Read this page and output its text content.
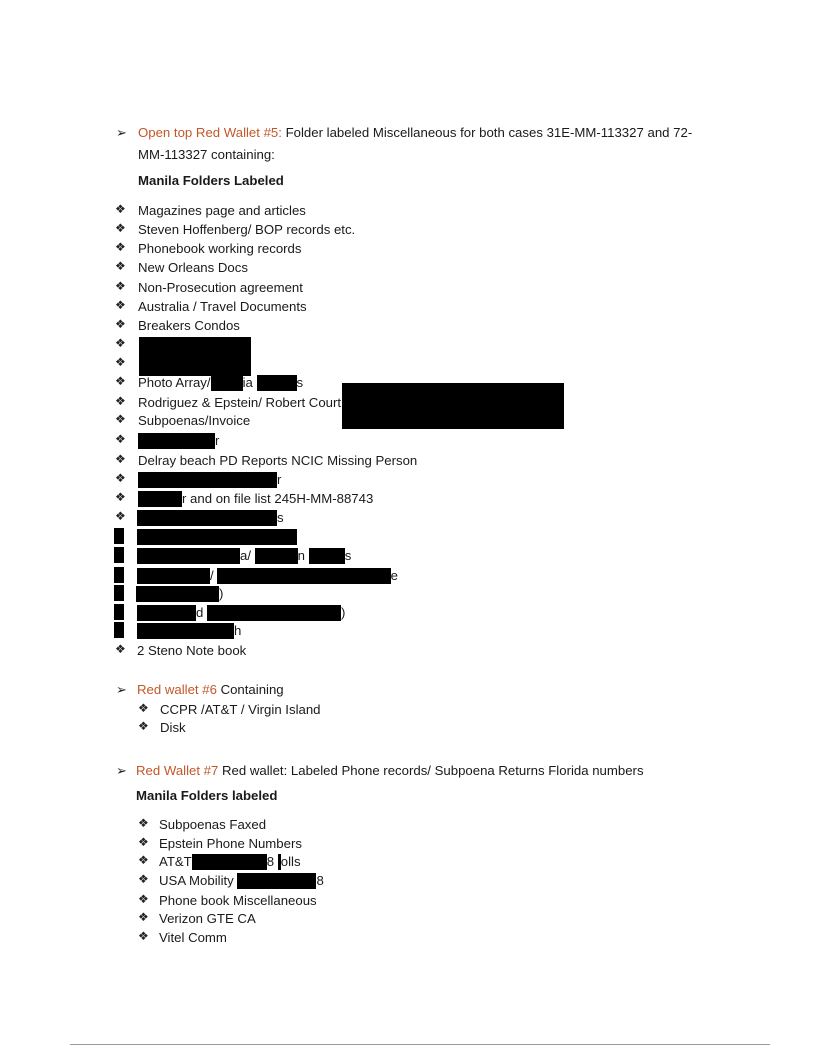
➢ Open top Red Wallet #5: Folder labeled Miscellaneous for both cases 31E-MM-113327 and 72-
MM-113327 containing:
Manila Folders Labeled
❖ Magazines page and articles
❖ Steven Hoffenberg/ BOP records etc.
❖ Phonebook working records
❖ New Orleans Docs
❖ Non-Prosecution agreement
❖ Australia / Travel Documents
❖ Breakers Condos
❖
❖
❖ Photo Array/ ia	s
❖ Rodriguez & Epstein/ Robert Court
❖ Subpoenas/Invoice
❖	r
❖ Delray beach PD Reports NCIC Missing Person
❖	r
❖	r and on file list 245H-MM-88743
❖	s
a/	n	s
/	e
)
d	)
h
❖ 2 Steno Note book
➢ Red wallet #6 Containing
❖ CCPR /AT&T / Virgin Island
❖ Disk
➢ Red Wallet #7 Red wallet: Labeled Phone records/ Subpoena Returns Florida numbers
Manila Folders labeled
❖ Subpoenas Faxed
❖ Epstein Phone Numbers
❖ AT&T	8 olls
❖ USA Mobility	8
❖ Phone book Miscellaneous
❖ Verizon GTE CA
❖ Vitel Comm
